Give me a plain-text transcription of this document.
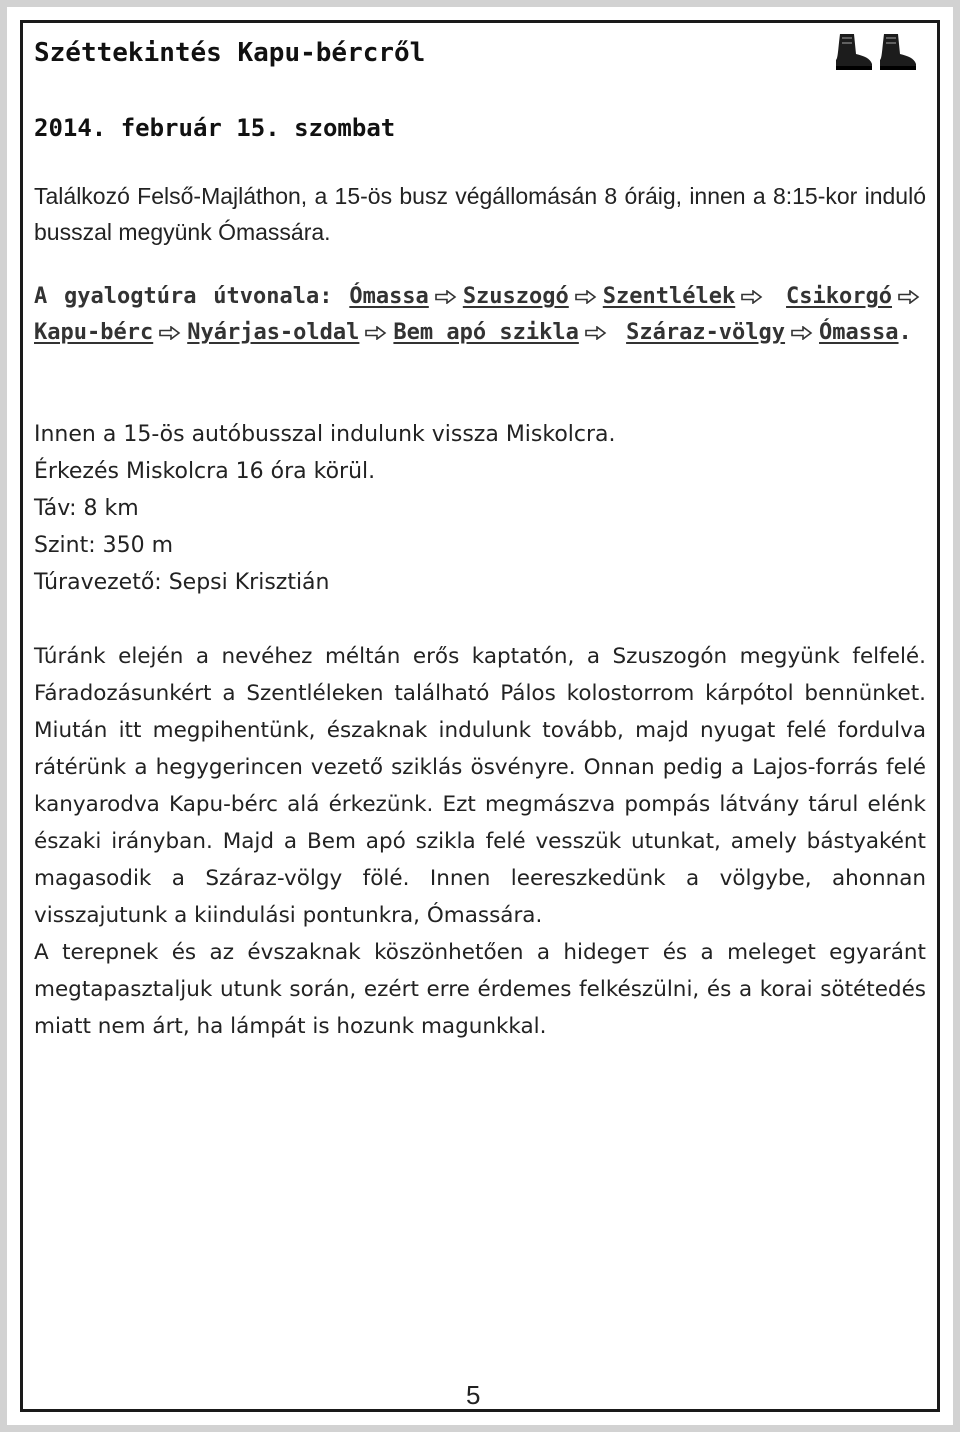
Széttekintés Kapu-bércről

2014. február 15. szombat

Találkozó Felső-Majláthon, a 15-ös busz végállomásán 8 óráig, innen a 8:15-kor induló busszal megyünk Ómassára.

A gyalogtúra útvonala: Ómassa Szuszogó Szentlélek Csikorgó
Kapu-bérc Nyárjas-oldal Bem apó szikla Száraz-völgy Ómassa.

Innen a 15-ös autóbusszal indulunk vissza Miskolcra.
Érkezés Miskolcra 16 óra körül.
Táv: 8 km
Szint: 350 m
Túravezető: Sepsi Krisztián

Túránk elején a nevéhez méltán erős kaptatón, a Szuszogón megyünk felfelé. Fáradozásunkért a Szentléleken található Pálos kolostorrom kárpótol bennünket. Miután itt megpihentünk, északnak indulunk tovább, majd nyugat felé fordulva rátérünk a hegygerincen vezető sziklás ösvényre. Onnan pedig a Lajos-forrás felé kanyarodva Kapu-bérc alá érkezünk. Ezt megmászva pompás látvány tárul elénk északi irányban. Majd a Bem apó szikla felé vesszük utunkat, amely bástyaként magasodik a Száraz-völgy fölé. Innen leereszkedünk a völgybe, ahonnan visszajutunk a kiindulási pontunkra, Ómassára.

A terepnek és az évszaknak köszönhetően a hidegет és a meleget egyaránt megtapasztaljuk utunk során, ezért erre érdemes felkészülni, és a korai sötétedés miatt nem árt, ha lámpát is hozunk magunkkal.

5
